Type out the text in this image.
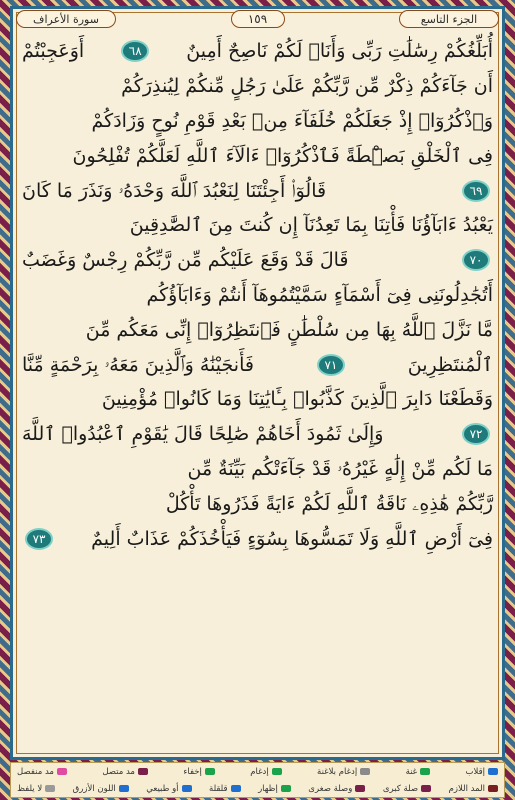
سورة الأعراف	١٥٩	الجزء التاسع
أُبَلِّغُكُمْ رِسَٰلَٰتِ رَبِّى وَأَنَا۠ لَكُمْ نَاصِحٌ أَمِينٌ
٦٨
أَوَعَجِبْتُمْ
أَن جَآءَكُمْ ذِكْرٌ مِّن رَّبِّكُمْ عَلَىٰ رَجُلٍ مِّنكُمْ لِيُنذِرَكُمْ
وَٱذْكُرُوٓا۟ إِذْ جَعَلَكُمْ خُلَفَآءَ مِنۢ بَعْدِ قَوْمِ نُوحٍ وَزَادَكُمْ
فِى ٱلْخَلْقِ بَصْۜطَةً فَٱذْكُرُوٓا۟ ءَالَآءَ ٱللَّهِ لَعَلَّكُمْ تُفْلِحُونَ
٦٩
قَالُوٓا۟ أَجِئْتَنَا لِنَعْبُدَ ٱللَّهَ وَحْدَهُۥ وَنَذَرَ مَا كَانَ
يَعْبُدُ ءَابَآؤُنَا فَأْتِنَا بِمَا تَعِدُنَآ إِن كُنتَ مِنَ ٱلصَّٰدِقِينَ
٧٠
قَالَ قَدْ وَقَعَ عَلَيْكُم مِّن رَّبِّكُمْ رِجْسٌ وَغَضَبٌ
أَتُجَٰدِلُونَنِى فِىٓ أَسْمَآءٍ سَمَّيْتُمُوهَآ أَنتُمْ وَءَابَآؤُكُم
مَّا نَزَّلَ ٱللَّهُ بِهَا مِن سُلْطَٰنٍ فَٱنتَظِرُوٓا۟ إِنِّى مَعَكُم مِّنَ
ٱلْمُنتَظِرِينَ
٧١
فَأَنجَيْنَٰهُ وَٱلَّذِينَ مَعَهُۥ بِرَحْمَةٍ مِّنَّا
وَقَطَعْنَا دَابِرَ ٱلَّذِينَ كَذَّبُوا۟ بِـَٔايَٰتِنَا وَمَا كَانُوا۟ مُؤْمِنِينَ
٧٢
وَإِلَىٰ ثَمُودَ أَخَاهُمْ صَٰلِحًا قَالَ يَٰقَوْمِ ٱعْبُدُوا۟ ٱللَّهَ
مَا لَكُم مِّنْ إِلَٰهٍ غَيْرُهُۥ قَدْ جَآءَتْكُم بَيِّنَةٌ مِّن
رَّبِّكُمْ هَٰذِهِۦ نَاقَةُ ٱللَّهِ لَكُمْ ءَايَةً فَذَرُوهَا تَأْكُلْ
فِىٓ أَرْضِ ٱللَّهِ وَلَا تَمَسُّوهَا بِسُوٓءٍ فَيَأْخُذَكُمْ عَذَابٌ أَلِيمٌ
٧٣
إقلاب
غنة
إدغام بلاغنة
إدغام
إخفاء
مد متصل
مد منفصل
المد اللازم
صلة كبرى
وصلة صغرى
إظهار
قلقلة
أو طبيعي
اللون الأزرق
لا يلفظ
